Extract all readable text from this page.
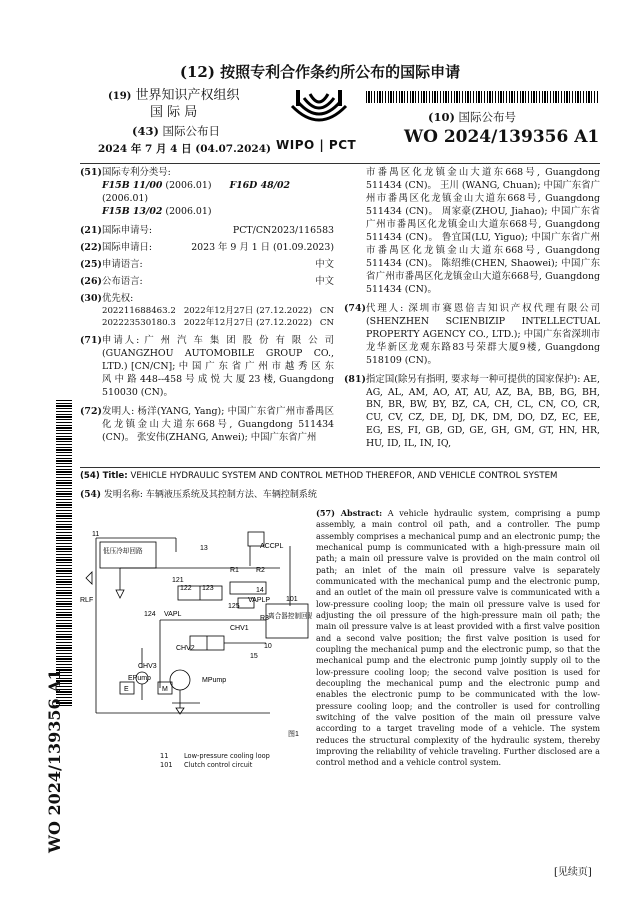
(12) 按照专利合作条约所公布的国际申请
(19) 世界知识产权组织
国 际 局
(43) 国际公布日
2024 年 7 月 4 日 (04.07.2024) WIPO | PCT
(10) 国际公布号
WO 2024/139356 A1
(51) 国际专利分类号:
F15B 11/00 (2006.01) F16D 48/02 (2006.01)
F15B 13/02 (2006.01)
(21) 国际申请号:	PCT/CN2023/116583
(22) 国际申请日:	2023 年 9 月 1 日 (01.09.2023)
(25) 申请语言:	中文
(26) 公布语言:	中文
(30) 优先权:
202211688463.2 2022年12月27日 (27.12.2022) CN
202223530180.3 2022年12月27日 (27.12.2022) CN
(71) 申请人: 广 州 汽 车 集 团 股 份 有 限 公 司 (GUANGZHOU AUTOMOBILE GROUP CO., LTD.) [CN/CN]; 中 国 广 东 省 广 州 市 越 秀 区 东 风 中 路 448--458 号 成 悦 大 厦 23 楼, Guangdong 510030 (CN)。
(72) 发明人: 杨洋(YANG, Yang); 中国广东省广州市番禺区化龙镇金山大道东668号, Guangdong 511434 (CN)。 张安伟(ZHANG, Anwei); 中国广东省广州
市番禺区化龙镇金山大道东668号, Guangdong 511434 (CN)。 王川 (WANG, Chuan); 中国广东省广州市番禺区化龙镇金山大道东668号, Guangdong 511434 (CN)。 周家豪(ZHOU, Jiahao); 中国广东省广州市番禺区化龙镇金山大道东668号, Guangdong 511434 (CN)。 鲁宜国(LU, Yiguo); 中国广东省广州市番禺区化龙镇金山大道东668号, Guangdong 511434 (CN)。 陈绍维(CHEN, Shaowei); 中国广东省广州市番禺区化龙镇金山大道东668号, Guangdong 511434 (CN)。
(74) 代理人: 深圳市赛恩倍吉知识产权代理有限公司(SHENZHEN SCIENBIZIP INTELLECTUAL PROPERTY AGENCY CO., LTD.); 中国广东省深圳市龙华新区龙观东路83号荣群大厦9楼, Guangdong 518109 (CN)。
(81) 指定国(除另有指明, 要求每一种可提供的国家保护): AE, AG, AL, AM, AO, AT, AU, AZ, BA, BB, BG, BH, BN, BR, BW, BY, BZ, CA, CH, CL, CN, CO, CR, CU, CV, CZ, DE, DJ, DK, DM, DO, DZ, EC, EE, EG, ES, FI, GB, GD, GE, GH, GM, GT, HN, HR, HU, ID, IL, IN, IQ,
(54) Title: VEHICLE HYDRAULIC SYSTEM AND CONTROL METHOD THEREFOR, AND VEHICLE CONTROL SYSTEM
(54) 发明名称: 车辆液压系统及其控制方法、车辆控制系统
(57) Abstract: A vehicle hydraulic system, comprising a pump assembly, a main control oil path, and a controller. The pump assembly comprises a mechanical pump and an electronic pump; the mechanical pump is communicated with a high-pressure main oil path; a main oil pressure valve is provided on the main control oil path; an inlet of the main oil pressure valve is separately communicated with the mechanical pump and the electronic pump, and an outlet of the main oil pressure valve is communicated with a low-pressure cooling loop; the main oil pressure valve is used for adjusting the oil pressure of the high-pressure main oil path; the main oil pressure valve is at least provided with a first valve position and a second valve position; the first valve position is used for coupling the mechanical pump and the electronic pump, so that the mechanical pump and the electronic pump jointly supply oil to the low-pressure cooling loop; the second valve position is used for decoupling the mechanical pump and the electronic pump and enables the electronic pump to be communicated with the low-pressure cooling loop; and the controller is used for controlling switching of the valve position of the main oil pressure valve according to a target traveling mode of a vehicle. The system reduces the structural complexity of the hydraulic system, thereby improving the reliability of vehicle traveling. Further disclosed are a control method and a vehicle control system.
11
13
低压冷却回路
ACCPL
R1 R2
RLF
121
122 123
124 VAPL
125
14
VAPLP 101
R3
CHV1
离合器控制回路
10
CHV2
15
CHV3
EPump	MPump
E	M
图1
11 Low-pressure cooling loop
101 Clutch control circuit
WO 2024/139356 A1
[见续页]
